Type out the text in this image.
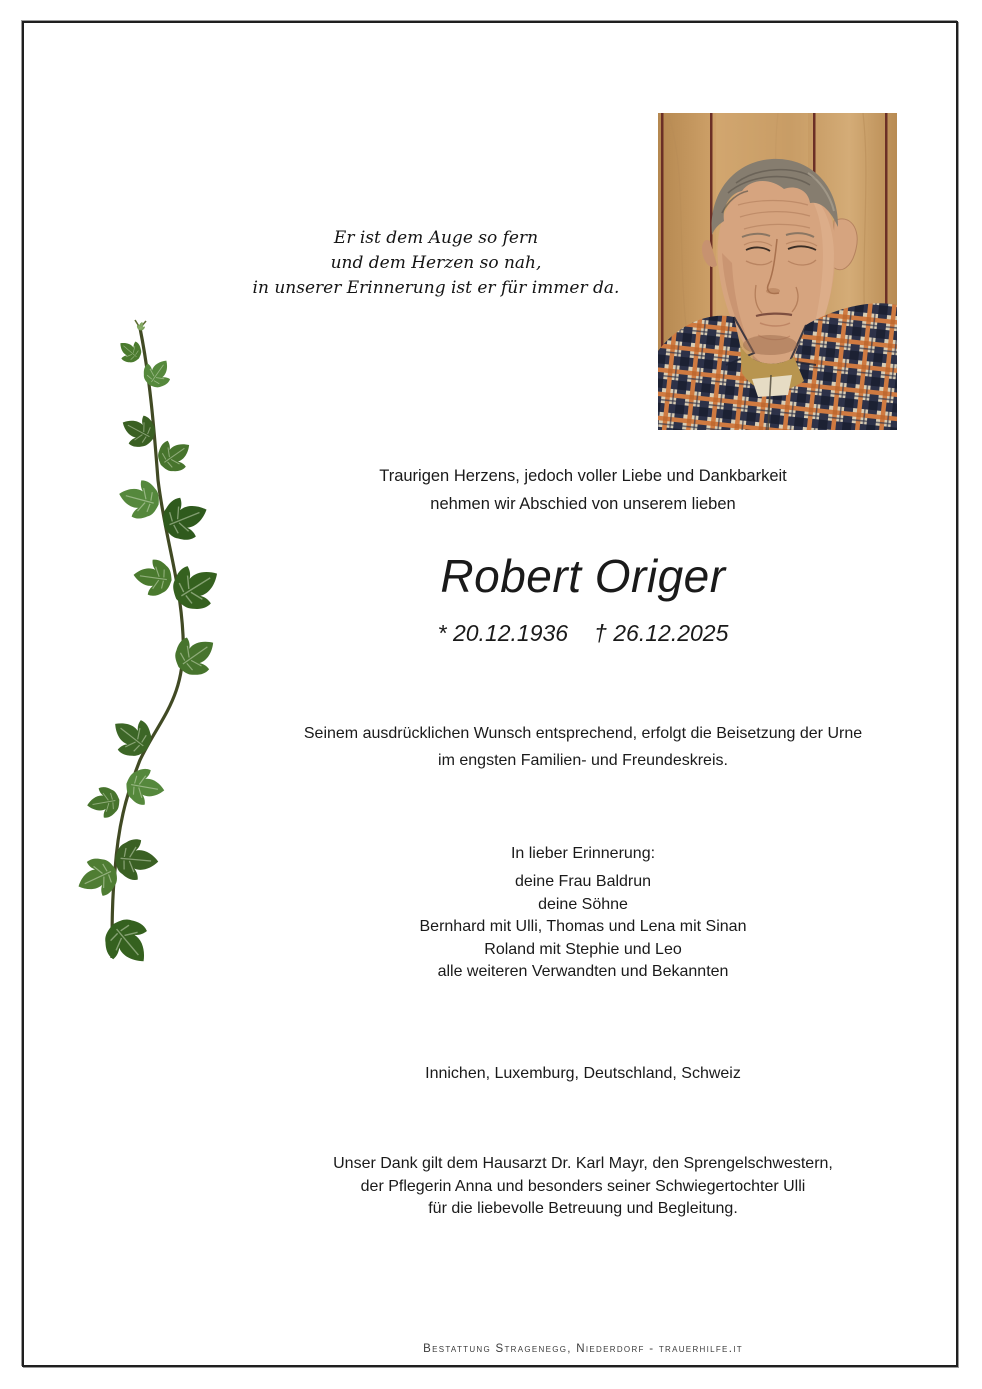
Er ist dem Auge so fern
und dem Herzen so nah,
in unserer Erinnerung ist er für immer da.
Traurigen Herzens, jedoch voller Liebe und Dankbarkeit
nehmen wir Abschied von unserem lieben
Robert Origer
* 20.12.1936 † 26.12.2025
Seinem ausdrücklichen Wunsch entsprechend, erfolgt die Beisetzung der Urne
im engsten Familien- und Freundeskreis.
In lieber Erinnerung:
deine Frau Baldrun
deine Söhne
Bernhard mit Ulli, Thomas und Lena mit Sinan
Roland mit Stephie und Leo
alle weiteren Verwandten und Bekannten
Innichen, Luxemburg, Deutschland, Schweiz
Unser Dank gilt dem Hausarzt Dr. Karl Mayr, den Sprengelschwestern,
der Pflegerin Anna und besonders seiner Schwiegertochter Ulli
für die liebevolle Betreuung und Begleitung.
Bestattung Stragenegg, Niederdorf - trauerhilfe.it
